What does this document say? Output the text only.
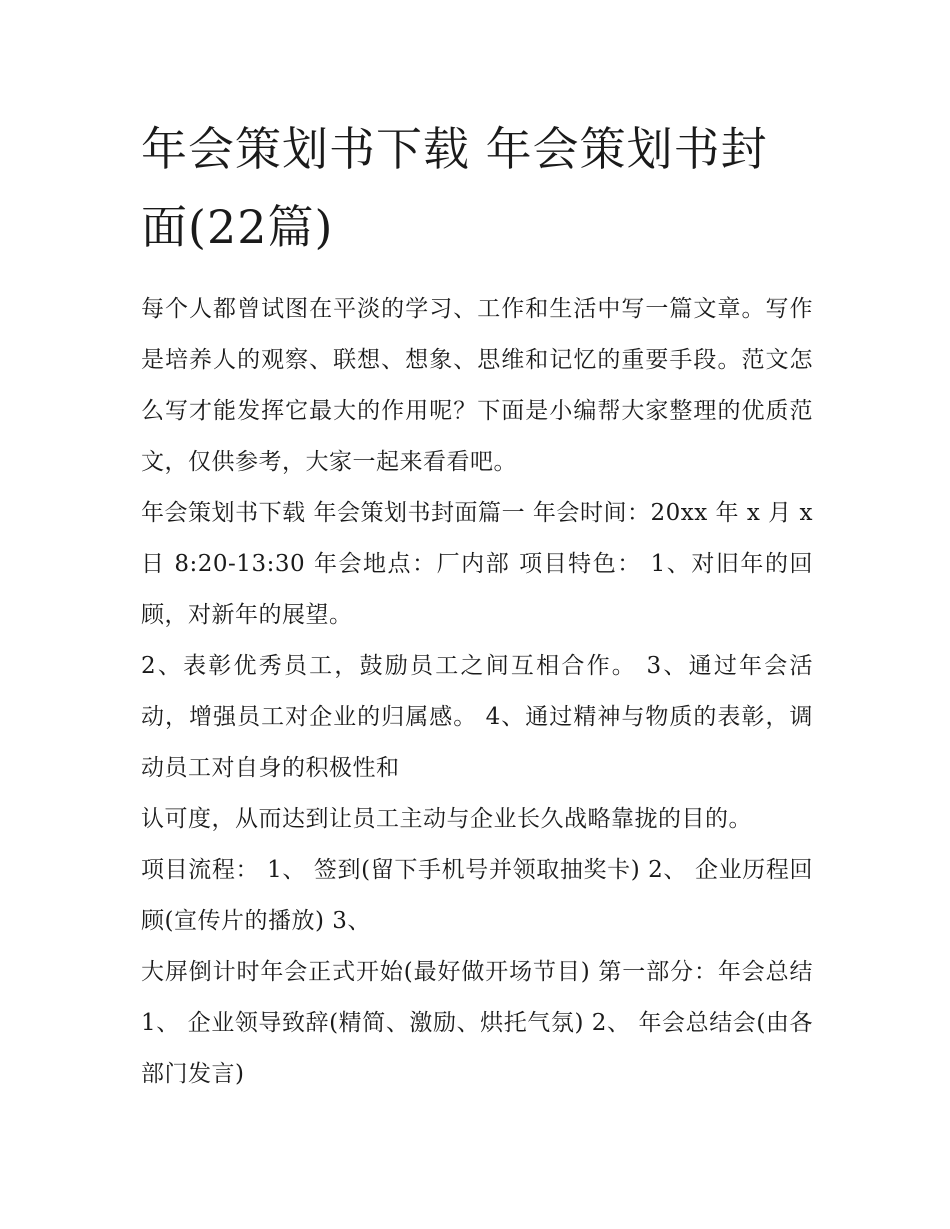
年会策划书下载 年会策划书封面(22篇)

每个人都曾试图在平淡的学习、工作和生活中写一篇文章。写作是培养人的观察、联想、想象、思维和记忆的重要手段。范文怎么写才能发挥它最大的作用呢？下面是小编帮大家整理的优质范文，仅供参考，大家一起来看看吧。

年会策划书下载 年会策划书封面篇一 年会时间：20xx 年 x 月 x 日 8:20-13:30 年会地点：厂内部 项目特色： 1、对旧年的回顾，对新年的展望。

2、表彰优秀员工，鼓励员工之间互相合作。 3、通过年会活动，增强员工对企业的归属感。 4、通过精神与物质的表彰，调动员工对自身的积极性和

认可度，从而达到让员工主动与企业长久战略靠拢的目的。

项目流程： 1、 签到(留下手机号并领取抽奖卡) 2、 企业历程回顾(宣传片的播放) 3、

大屏倒计时年会正式开始(最好做开场节目) 第一部分：年会总结 1、 企业领导致辞(精简、激励、烘托气氛) 2、 年会总结会(由各部门发言)
